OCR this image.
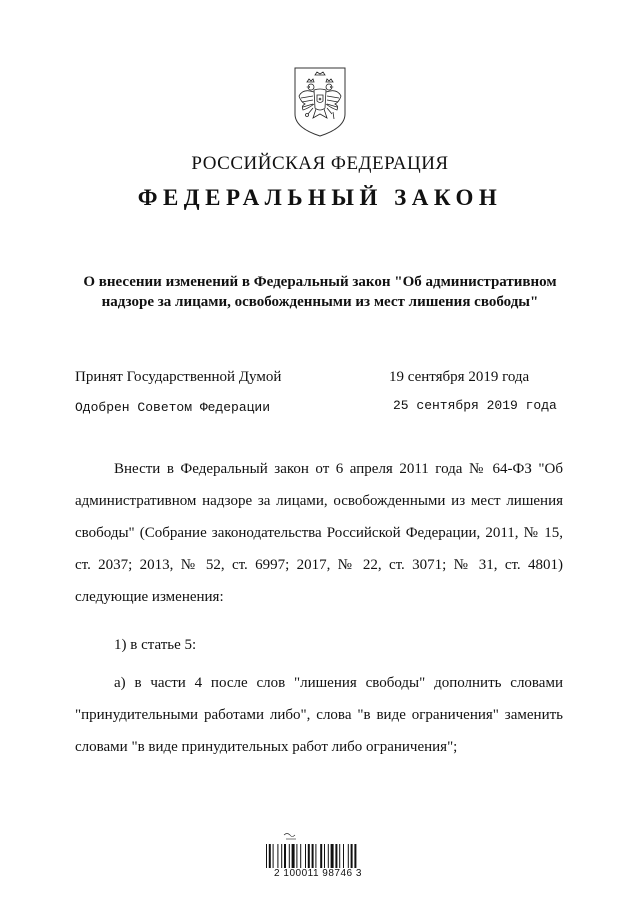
РОССИЙСКАЯ ФЕДЕРАЦИЯ
ФЕДЕРАЛЬНЫЙ ЗАКОН
О внесении изменений в Федеральный закон "Об административном надзоре за лицами, освобожденными из мест лишения свободы"
Принят Государственной Думой	19 сентября 2019 года
Одобрен Советом Федерации	25 сентября 2019 года
Внести в Федеральный закон от 6 апреля 2011 года № 64-ФЗ "Об административном надзоре за лицами, освобожденными из мест лишения свободы" (Собрание законодательства Российской Федерации, 2011, № 15, ст. 2037; 2013, № 52, ст. 6997; 2017, № 22, ст. 3071; № 31, ст. 4801) следующие изменения:
1) в статье 5:
а) в части 4 после слов "лишения свободы" дополнить словами "принудительными работами либо", слова "в виде ограничения" заменить словами "в виде принудительных работ либо ограничения";
2 100011 98746 3
